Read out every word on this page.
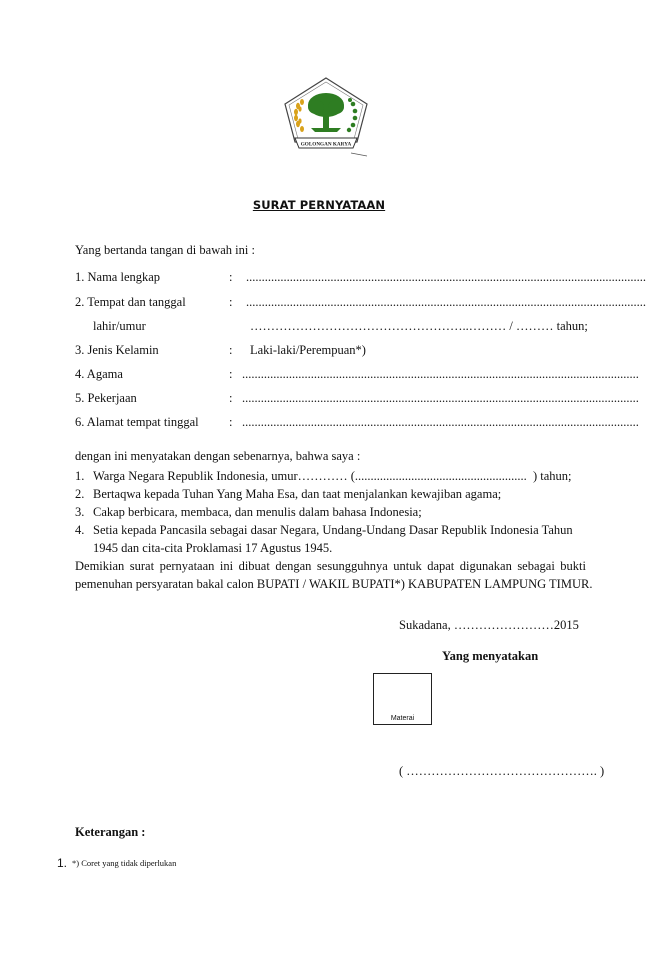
GOLONGAN KARYA
SURAT PERNYATAAN
Yang bertanda tangan di bawah ini :
1. Nama lengkap	: ................................................................................................................................
2. Tempat dan tanggal	: ................................................................................................................................
lahir/umur	……………………………………………..……… / ……… tahun;
3. Jenis Kelamin	: Laki-laki/Perempuan*)
4. Agama	: ...............................................................................................................................
5. Pekerjaan	: ...............................................................................................................................
6. Alamat tempat tinggal : ...............................................................................................................................
dengan ini menyatakan dengan sebenarnya, bahwa saya :
1. Warga Negara Republik Indonesia, umur………… (....................................................... ) tahun;
2. Bertaqwa kepada Tuhan Yang Maha Esa, dan taat menjalankan kewajiban agama;
3. Cakap berbicara, membaca, dan menulis dalam bahasa Indonesia;
4. Setia kepada Pancasila sebagai dasar Negara, Undang-Undang Dasar Republik Indonesia Tahun
1945 dan cita-cita Proklamasi 17 Agustus 1945.
Demikian surat pernyataan ini dibuat dengan sesungguhnya untuk dapat digunakan sebagai bukti
pemenuhan persyaratan bakal calon BUPATI / WAKIL BUPATI*) KABUPATEN LAMPUNG TIMUR.
Sukadana, ……………………2015
Yang menyatakan
Materai
( ………………………………………. )
Keterangan :
1. *) Coret yang tidak diperlukan
